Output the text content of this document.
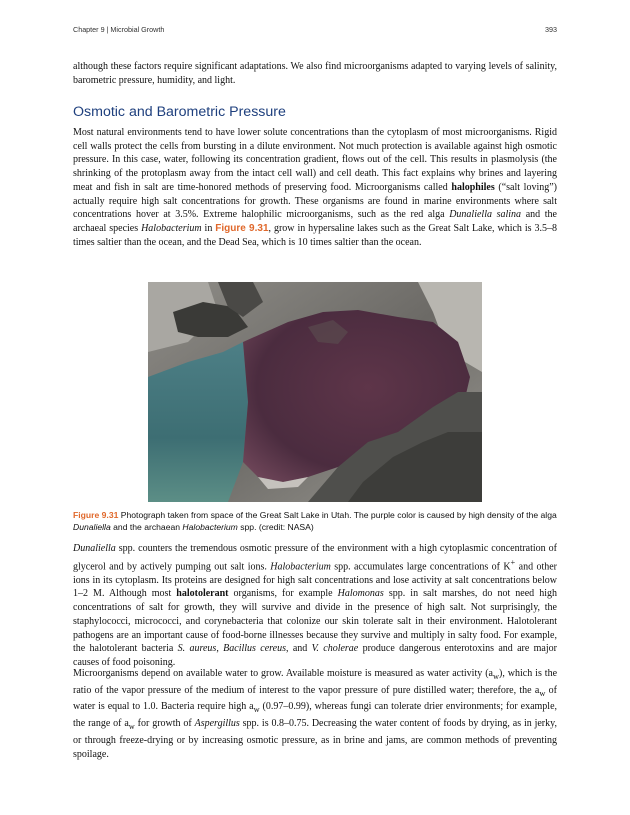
Chapter 9 | Microbial Growth	393

although these factors require significant adaptations. We also find microorganisms adapted to varying levels of salinity, barometric pressure, humidity, and light.

Osmotic and Barometric Pressure

Most natural environments tend to have lower solute concentrations than the cytoplasm of most microorganisms. Rigid cell walls protect the cells from bursting in a dilute environment. Not much protection is available against high osmotic pressure. In this case, water, following its concentration gradient, flows out of the cell. This results in plasmolysis (the shrinking of the protoplasm away from the intact cell wall) and cell death. This fact explains why brines and layering meat and fish in salt are time-honored methods of preserving food. Microorganisms called halophiles (“salt loving”) actually require high salt concentrations for growth. These organisms are found in marine environments where salt concentrations hover at 3.5%. Extreme halophilic microorganisms, such as the red alga Dunaliella salina and the archaeal species Halobacterium in Figure 9.31, grow in hypersaline lakes such as the Great Salt Lake, which is 3.5–8 times saltier than the ocean, and the Dead Sea, which is 10 times saltier than the ocean.

Figure 9.31 Photograph taken from space of the Great Salt Lake in Utah. The purple color is caused by high density of the alga Dunaliella and the archaean Halobacterium spp. (credit: NASA)

Dunaliella spp. counters the tremendous osmotic pressure of the environment with a high cytoplasmic concentration of glycerol and by actively pumping out salt ions. Halobacterium spp. accumulates large concentrations of K+ and other ions in its cytoplasm. Its proteins are designed for high salt concentrations and lose activity at salt concentrations below 1–2 M. Although most halotolerant organisms, for example Halomonas spp. in salt marshes, do not need high concentrations of salt for growth, they will survive and divide in the presence of high salt. Not surprisingly, the staphylococci, micrococci, and corynebacteria that colonize our skin tolerate salt in their environment. Halotolerant pathogens are an important cause of food-borne illnesses because they survive and multiply in salty food. For example, the halotolerant bacteria S. aureus, Bacillus cereus, and V. cholerae produce dangerous enterotoxins and are major causes of food poisoning.

Microorganisms depend on available water to grow. Available moisture is measured as water activity $(a_w)$, which is the ratio of the vapor pressure of the medium of interest to the vapor pressure of pure distilled water; therefore, the $a_w$ of water is equal to 1.0. Bacteria require high $a_w$ (0.97–0.99), whereas fungi can tolerate drier environments; for example, the range of $a_w$ for growth of Aspergillus spp. is 0.8–0.75. Decreasing the water content of foods by drying, as in jerky, or through freeze-drying or by increasing osmotic pressure, as in brine and jams, are common methods of preventing spoilage.
